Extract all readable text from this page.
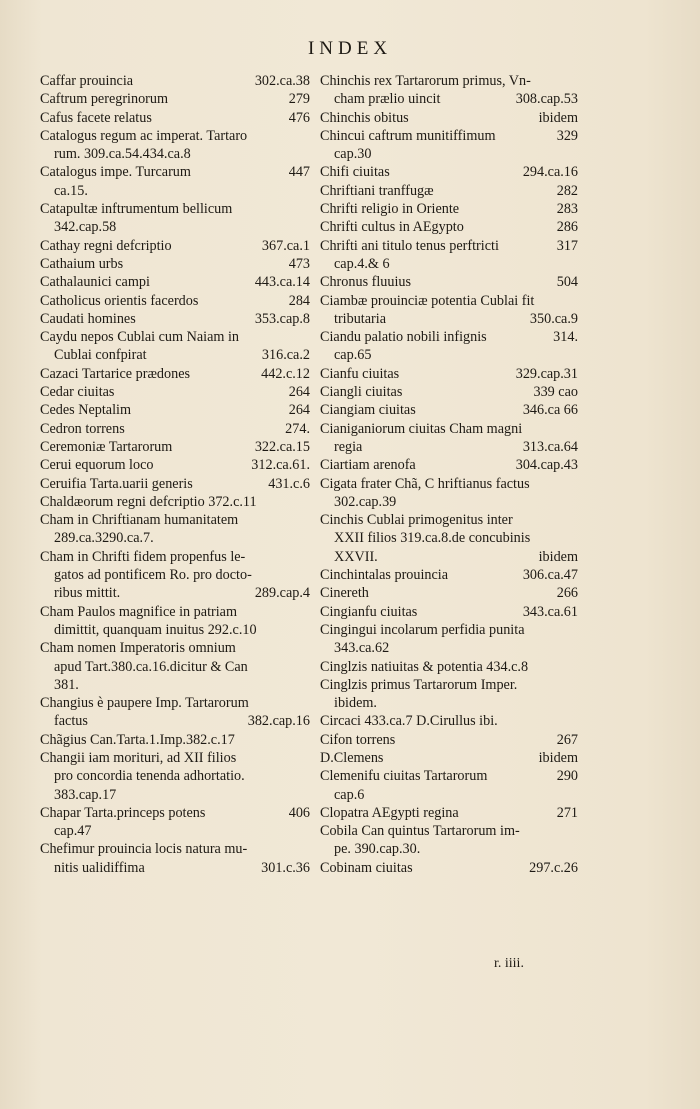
INDEX
Caffar prouincia	302.ca.38
Caftrum peregrinorum	279
Cafus facete relatus	476
Catalogus regum ac imperat. Tartaro
rum. 309.ca.54.434.ca.8
Catalogus impe. Turcarum	447
ca.15.
Catapultæ inftrumentum bellicum
342.cap.58
Cathay regni defcriptio	367.ca.1
Cathaium urbs	473
Cathalaunici campi	443.ca.14
Catholicus orientis facerdos	284
Caudati homines	353.cap.8
Caydu nepos Cublai cum Naiam in
Cublai confpirat	316.ca.2
Cazaci Tartarice prædones	442.c.12
Cedar ciuitas	264
Cedes Neptalim	264
Cedron torrens	274.
Ceremoniæ Tartarorum	322.ca.15
Cerui equorum loco	312.ca.61.
Ceruifia Tarta.uarii generis	431.c.6
Chaldæorum regni defcriptio 372.c.11
Cham in Chriftianam humanitatem
289.ca.3290.ca.7.
Cham in Chrifti fidem propenfus le-
gatos ad pontificem Ro. pro docto-
ribus mittit.	289.cap.4
Cham Paulos magnifice in patriam
dimittit, quanquam inuitus 292.c.10
Cham nomen Imperatoris omnium
apud Tart.380.ca.16.dicitur & Can
381.
Changius è paupere Imp. Tartarorum
factus	382.cap.16
Chãgius Can.Tarta.1.Imp.382.c.17
Changii iam morituri, ad XII filios
pro concordia tenenda adhortatio.
383.cap.17
Chapar Tarta.princeps potens	406
cap.47
Chefimur prouincia locis natura mu-
nitis ualidiffima	301.c.36
Chinchis rex Tartarorum primus, Vn-
cham prælio uincit	308.cap.53
Chinchis obitus	ibidem
Chincui caftrum munitiffimum	329
cap.30
Chifi ciuitas	294.ca.16
Chriftiani tranffugæ	282
Chrifti religio in Oriente	283
Chrifti cultus in AEgypto	286
Chrifti ani titulo tenus perftricti	317
cap.4.& 6
Chronus fluuius	504
Ciambæ prouinciæ potentia Cublai fit
tributaria	350.ca.9
Ciandu palatio nobili infignis	314.
cap.65
Cianfu ciuitas	329.cap.31
Ciangli ciuitas	339 cao
Ciangiam ciuitas	346.ca 66
Cianiganiorum ciuitas Cham magni
regia	313.ca.64
Ciartiam arenofa	304.cap.43
Cigata frater Chã, C hriftianus factus
302.cap.39
Cinchis Cublai primogenitus inter
XXII filios 319.ca.8.de concubinis
XXVII.	ibidem
Cinchintalas prouincia	306.ca.47
Cinereth	266
Cingianfu ciuitas	343.ca.61
Cingingui incolarum perfidia punita
343.ca.62
Cinglzis natiuitas & potentia 434.c.8
Cinglzis primus Tartarorum Imper.
ibidem.
Circaci 433.ca.7 D.Cirullus ibi.
Cifon torrens	267
D.Clemens	ibidem
Clemenifu ciuitas Tartarorum	290
cap.6
Clopatra AEgypti regina	271
Cobila Can quintus Tartarorum im-
pe. 390.cap.30.
Cobinam ciuitas	297.c.26
r. iiii.
